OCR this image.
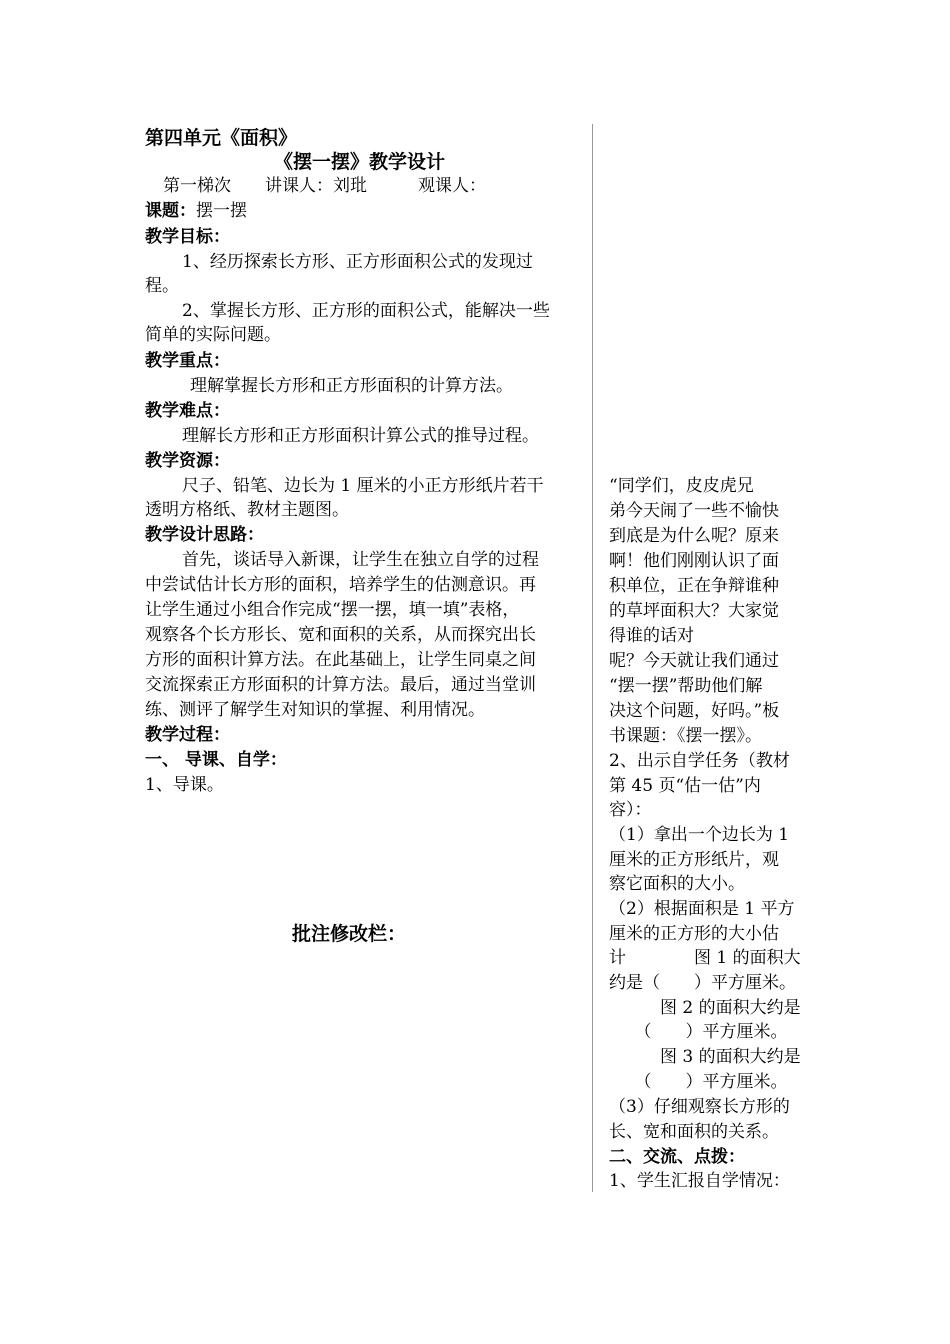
第四单元《面积》
《摆一摆》教学设计
第一梯次　　讲课人：刘玭　　　观课人：
课题：摆一摆
教学目标：
1、经历探索长方形、正方形面积公式的发现过
程。
2、掌握长方形、正方形的面积公式，能解决一些
简单的实际问题。
教学重点：
理解掌握长方形和正方形面积的计算方法。
教学难点：
理解长方形和正方形面积计算公式的推导过程。
教学资源：
尺子、铅笔、边长为 1 厘米的小正方形纸片若干
透明方格纸、教材主题图。
教学设计思路：
首先，谈话导入新课，让学生在独立自学的过程
中尝试估计长方形的面积，培养学生的估测意识。再
让学生通过小组合作完成“摆一摆，填一填”表格，
观察各个长方形长、宽和面积的关系，从而探究出长
方形的面积计算方法。在此基础上，让学生同桌之间
交流探索正方形面积的计算方法。最后，通过当堂训
练、测评了解学生对知识的掌握、利用情况。
教学过程：
一、 导课、自学：
1、导课。
批注修改栏：
“同学们，皮皮虎兄
弟今天闹了一些不愉快
到底是为什么呢？原来
啊！他们刚刚认识了面
积单位，正在争辩谁种
的草坪面积大？大家觉
得谁的话对
呢？今天就让我们通过
“摆一摆”帮助他们解
决这个问题，好吗。”板
书课题：《摆一摆》。
2、出示自学任务（教材
第 45 页“估一估”内
容）：
（1）拿出一个边长为 1
厘米的正方形纸片，观
察它面积的大小。
（2）根据面积是 1 平方
厘米的正方形的大小估
计　　　　图 1 的面积大
约是（　　）平方厘米。
　　　图 2 的面积大约是
　　（　　）平方厘米。
　　　图 3 的面积大约是
　　（　　）平方厘米。
（3）仔细观察长方形的
长、宽和面积的关系。
二、交流、点拨：
1、学生汇报自学情况：
